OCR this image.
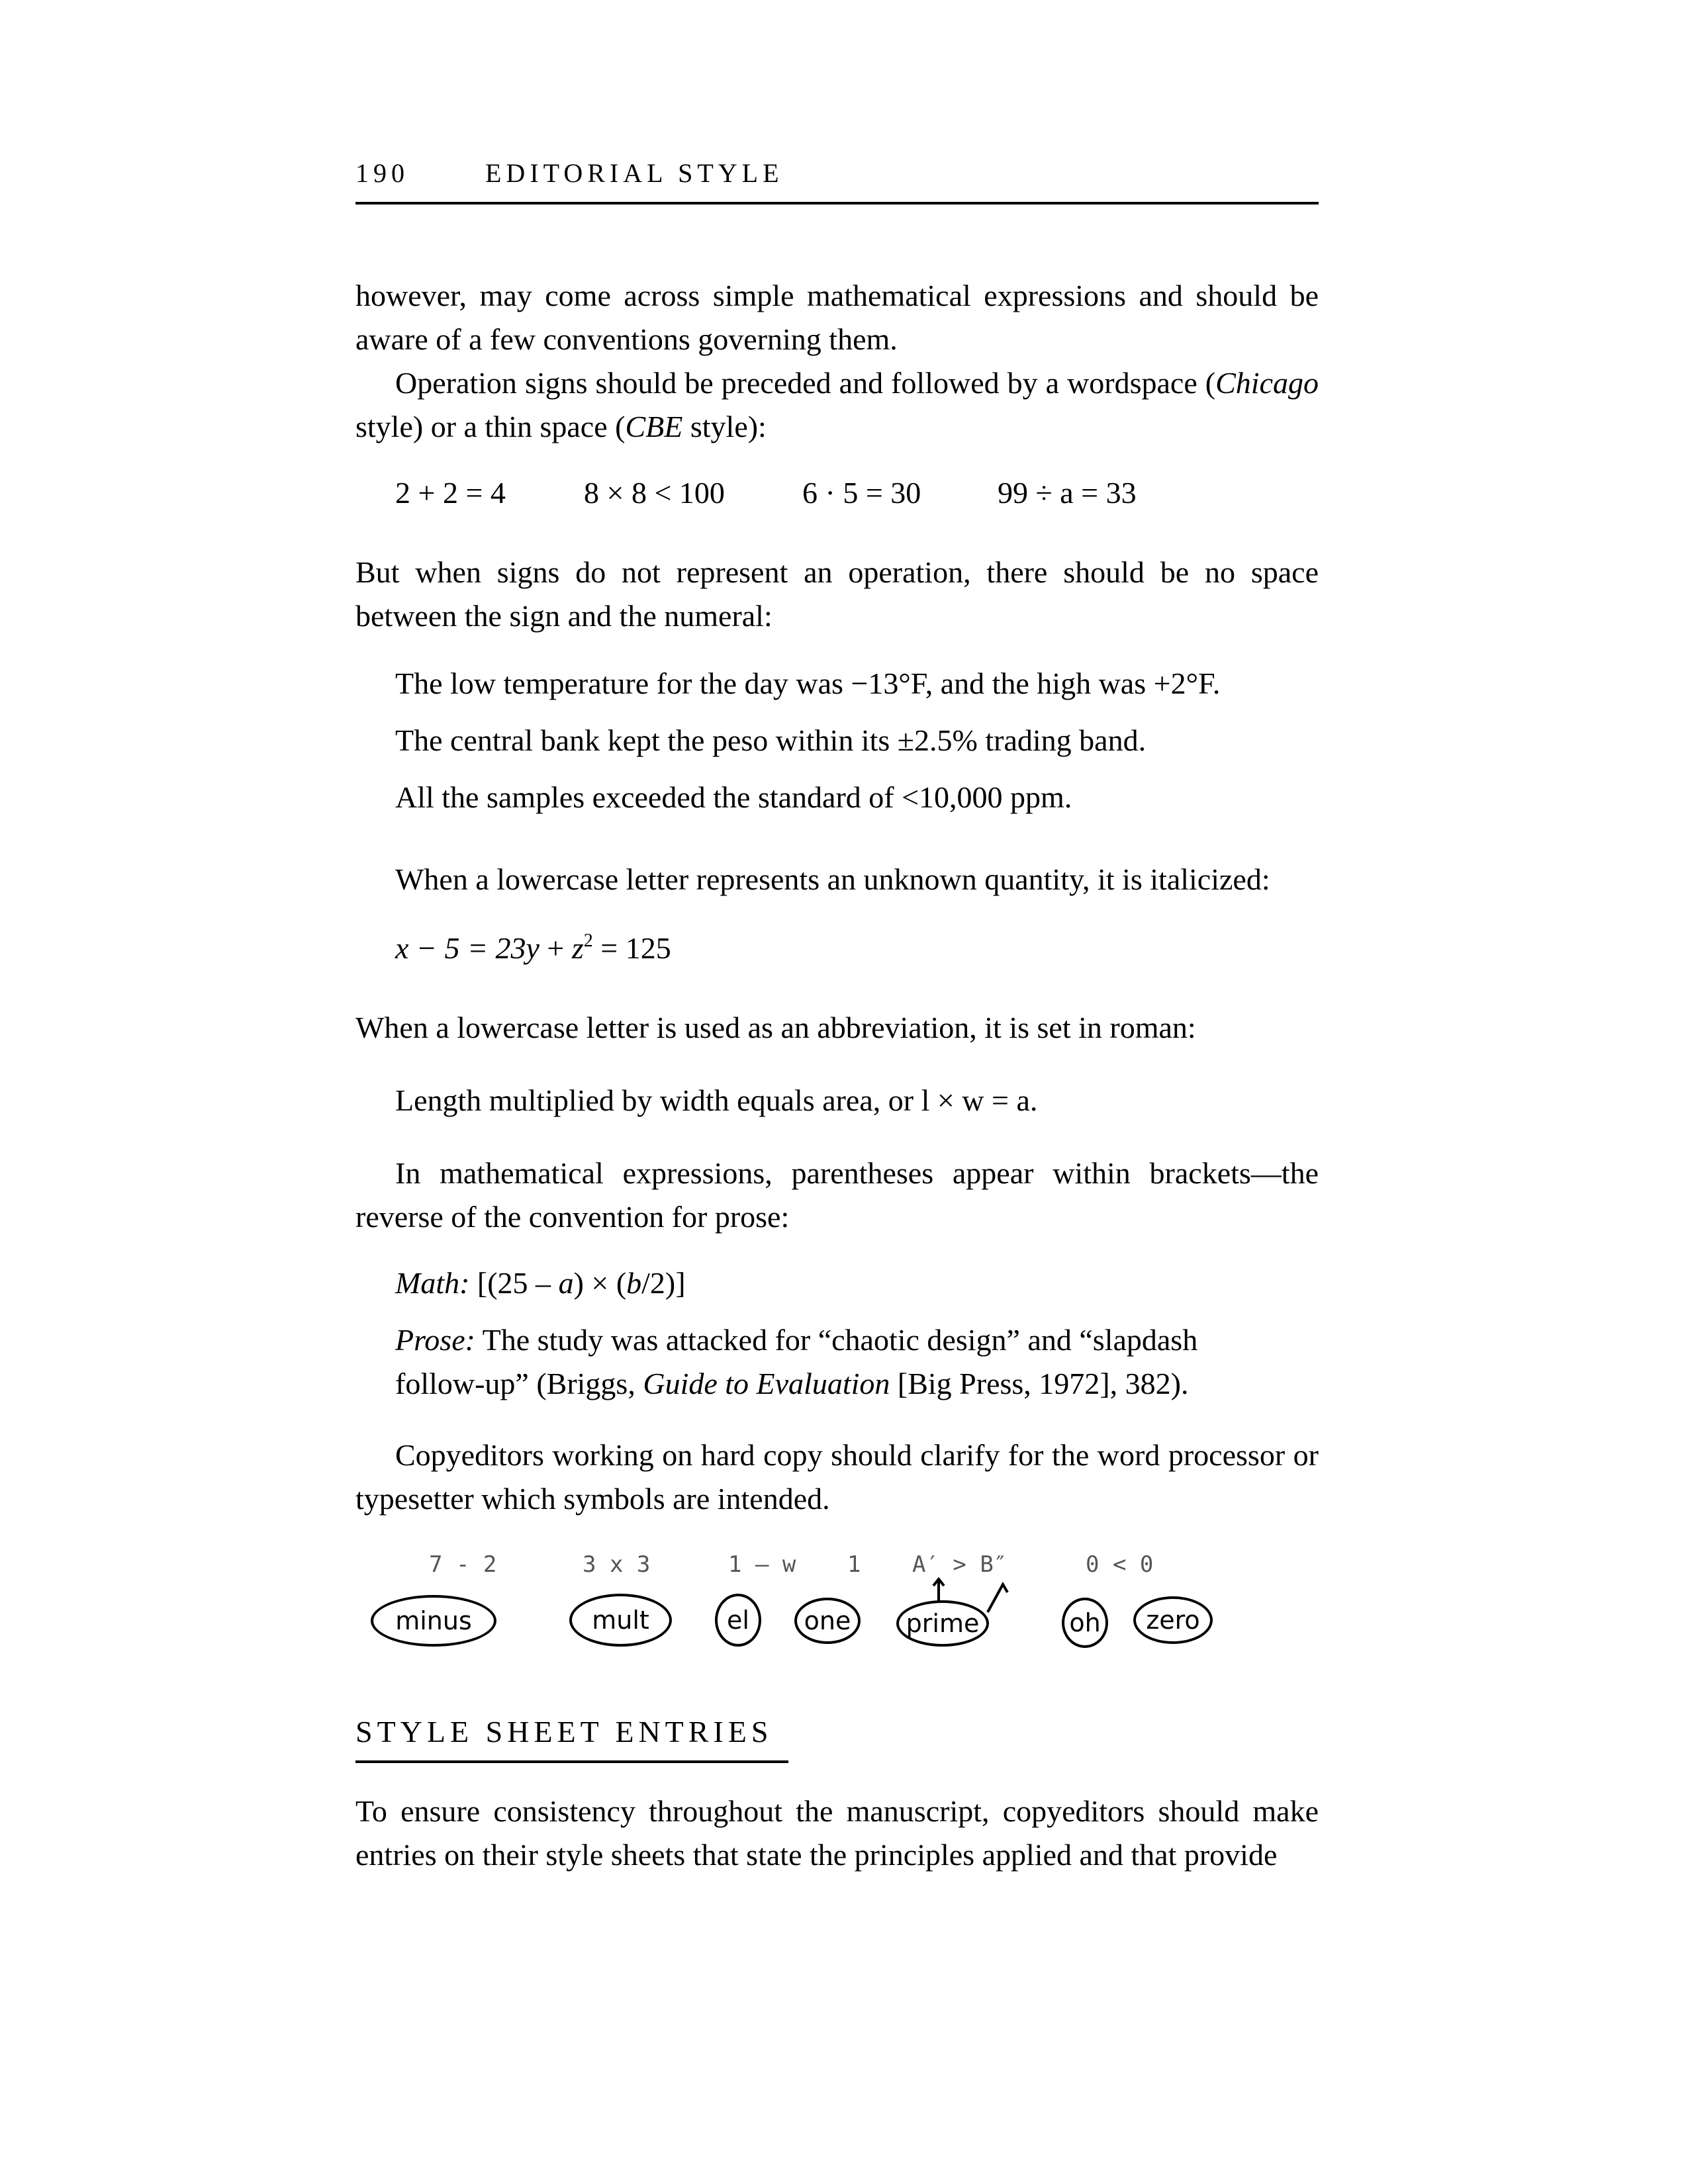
190	EDITORIAL STYLE
however, may come across simple mathematical expressions and should be aware of a few conventions governing them.
Operation signs should be preceded and followed by a wordspace (Chicago style) or a thin space (CBE style):
2 + 2 = 4	8 × 8 < 100	6 · 5 = 30	99 ÷ a = 33
But when signs do not represent an operation, there should be no space between the sign and the numeral:
The low temperature for the day was −13°F, and the high was +2°F.
The central bank kept the peso within its ±2.5% trading band.
All the samples exceeded the standard of <10,000 ppm.
When a lowercase letter represents an unknown quantity, it is italicized:
$x - 5 = 23y + z^2 = 125$
When a lowercase letter is used as an abbreviation, it is set in roman:
Length multiplied by width equals area, or l × w = a.
In mathematical expressions, parentheses appear within brackets—the reverse of the convention for prose:
Math: [(25 – a) × (b/2)]
Prose: The study was attacked for “chaotic design” and “slapdash follow-up” (Briggs, Guide to Evaluation [Big Press, 1972], 382).
Copyeditors working on hard copy should clarify for the word processor or typesetter which symbols are intended.
7 - 2	3 x 3	1 — w 1 A′ > B″	0 < 0
minus	mult	el	one	prime	oh	zero
STYLE SHEET ENTRIES
To ensure consistency throughout the manuscript, copyeditors should make entries on their style sheets that state the principles applied and that provide
